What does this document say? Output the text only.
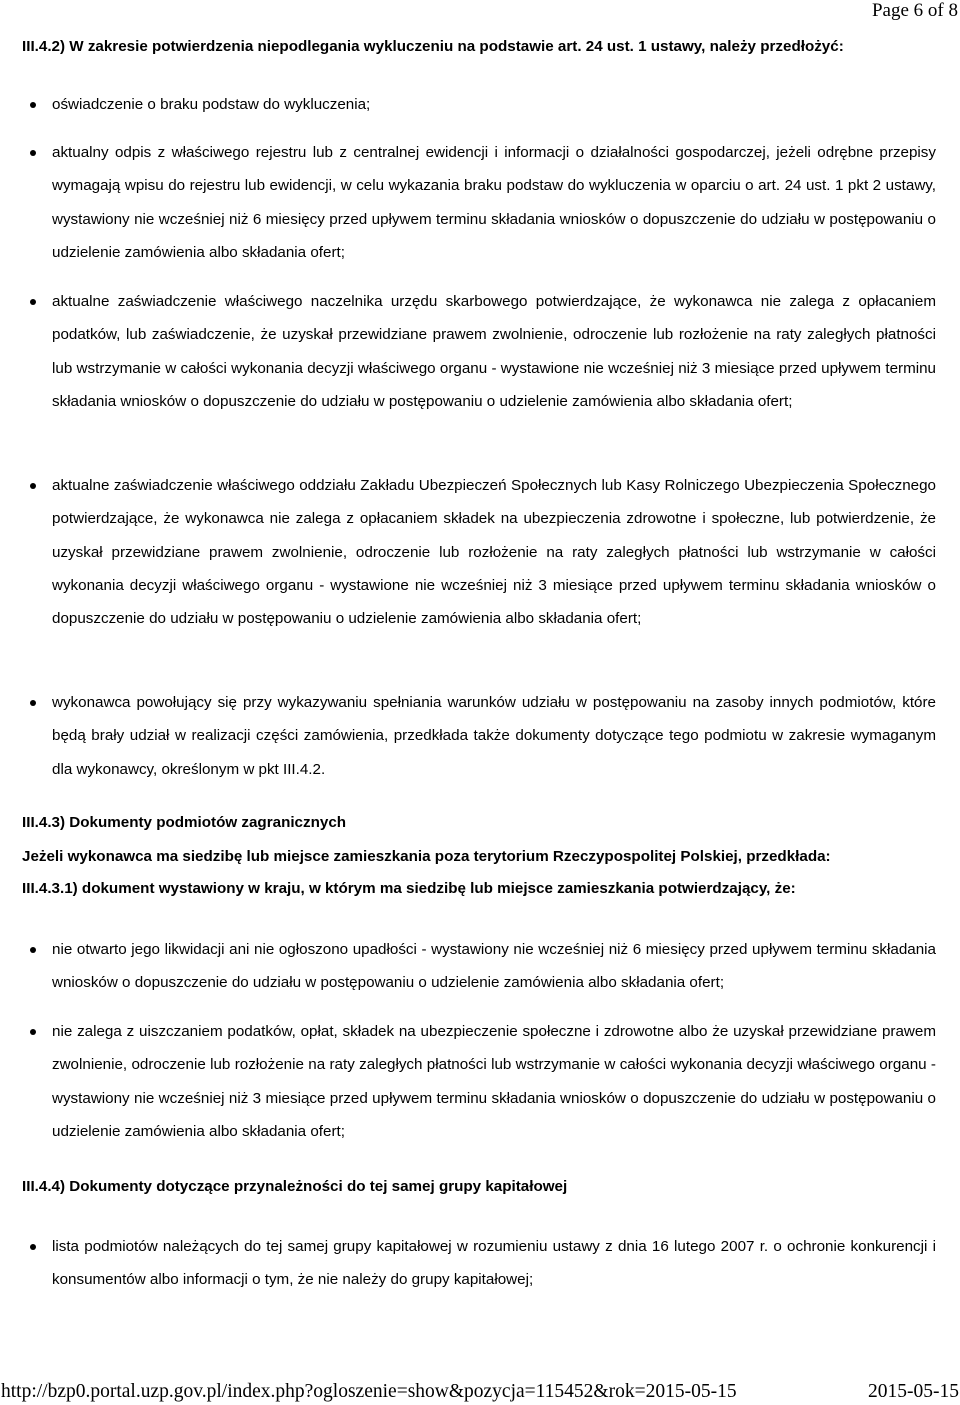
Page 6 of 8
III.4.2) W zakresie potwierdzenia niepodlegania wykluczeniu na podstawie art. 24 ust. 1 ustawy, należy przedłożyć:
oświadczenie o braku podstaw do wykluczenia;
aktualny odpis z właściwego rejestru lub z centralnej ewidencji i informacji o działalności gospodarczej, jeżeli odrębne przepisy wymagają wpisu do rejestru lub ewidencji, w celu wykazania braku podstaw do wykluczenia w oparciu o art. 24 ust. 1 pkt 2 ustawy, wystawiony nie wcześniej niż 6 miesięcy przed upływem terminu składania wniosków o dopuszczenie do udziału w postępowaniu o udzielenie zamówienia albo składania ofert;
aktualne zaświadczenie właściwego naczelnika urzędu skarbowego potwierdzające, że wykonawca nie zalega z opłacaniem podatków, lub zaświadczenie, że uzyskał przewidziane prawem zwolnienie, odroczenie lub rozłożenie na raty zaległych płatności lub wstrzymanie w całości wykonania decyzji właściwego organu - wystawione nie wcześniej niż 3 miesiące przed upływem terminu składania wniosków o dopuszczenie do udziału w postępowaniu o udzielenie zamówienia albo składania ofert;
aktualne zaświadczenie właściwego oddziału Zakładu Ubezpieczeń Społecznych lub Kasy Rolniczego Ubezpieczenia Społecznego potwierdzające, że wykonawca nie zalega z opłacaniem składek na ubezpieczenia zdrowotne i społeczne, lub potwierdzenie, że uzyskał przewidziane prawem zwolnienie, odroczenie lub rozłożenie na raty zaległych płatności lub wstrzymanie w całości wykonania decyzji właściwego organu - wystawione nie wcześniej niż 3 miesiące przed upływem terminu składania wniosków o dopuszczenie do udziału w postępowaniu o udzielenie zamówienia albo składania ofert;
wykonawca powołujący się przy wykazywaniu spełniania warunków udziału w postępowaniu na zasoby innych podmiotów, które będą brały udział w realizacji części zamówienia, przedkłada także dokumenty dotyczące tego podmiotu w zakresie wymaganym dla wykonawcy, określonym w pkt III.4.2.
III.4.3) Dokumenty podmiotów zagranicznych
Jeżeli wykonawca ma siedzibę lub miejsce zamieszkania poza terytorium Rzeczypospolitej Polskiej, przedkłada:
III.4.3.1) dokument wystawiony w kraju, w którym ma siedzibę lub miejsce zamieszkania potwierdzający, że:
nie otwarto jego likwidacji ani nie ogłoszono upadłości - wystawiony nie wcześniej niż 6 miesięcy przed upływem terminu składania wniosków o dopuszczenie do udziału w postępowaniu o udzielenie zamówienia albo składania ofert;
nie zalega z uiszczaniem podatków, opłat, składek na ubezpieczenie społeczne i zdrowotne albo że uzyskał przewidziane prawem zwolnienie, odroczenie lub rozłożenie na raty zaległych płatności lub wstrzymanie w całości wykonania decyzji właściwego organu - wystawiony nie wcześniej niż 3 miesiące przed upływem terminu składania wniosków o dopuszczenie do udziału w postępowaniu o udzielenie zamówienia albo składania ofert;
III.4.4) Dokumenty dotyczące przynależności do tej samej grupy kapitałowej
lista podmiotów należących do tej samej grupy kapitałowej w rozumieniu ustawy z dnia 16 lutego 2007 r. o ochronie konkurencji i konsumentów albo informacji o tym, że nie należy do grupy kapitałowej;
http://bzp0.portal.uzp.gov.pl/index.php?ogloszenie=show&pozycja=115452&rok=2015-05-15	2015-05-15
